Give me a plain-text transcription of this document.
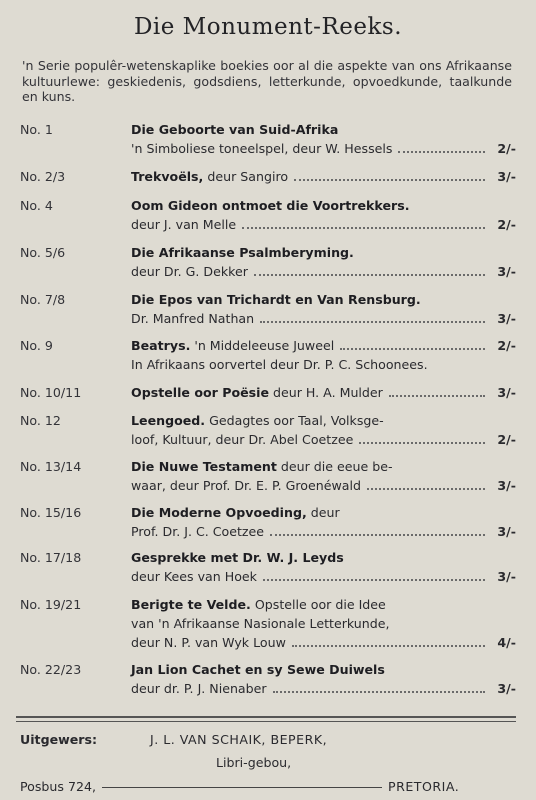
Die Monument-Reeks.
'n Serie populêr-wetenskaplike boekies oor al die aspekte van ons Afrikaanse kultuurlewe: geskiedenis, godsdiens, letterkunde, opvoedkunde, taalkunde en kuns.
No. 1	Die Geboorte van Suid-Afrika
'n Simboliese toneelspel, deur W. Hessels	2/-
No. 2/3	Trekvoëls, deur Sangiro	3/-
No. 4	Oom Gideon ontmoet die Voortrekkers.
deur J. van Melle	2/-
No. 5/6	Die Afrikaanse Psalmberyming.
deur Dr. G. Dekker	3/-
No. 7/8	Die Epos van Trichardt en Van Rensburg.
Dr. Manfred Nathan	3/-
No. 9	Beatrys. 'n Middeleeuse Juweel	2/-
In Afrikaans oorvertel deur Dr. P. C. Schoonees.
No. 10/11	Opstelle oor Poësie deur H. A. Mulder	3/-
No. 12	Leengoed. Gedagtes oor Taal, Volksge-
loof, Kultuur, deur Dr. Abel Coetzee	2/-
No. 13/14	Die Nuwe Testament deur die eeue be-
waar, deur Prof. Dr. E. P. Groenéwald	3/-
No. 15/16	Die Moderne Opvoeding, deur
Prof. Dr. J. C. Coetzee	3/-
No. 17/18	Gesprekke met Dr. W. J. Leyds
deur Kees van Hoek	3/-
No. 19/21	Berigte te Velde. Opstelle oor die Idee
van 'n Afrikaanse Nasionale Letterkunde,
deur N. P. van Wyk Louw	4/-
No. 22/23	Jan Lion Cachet en sy Sewe Duiwels
deur dr. P. J. Nienaber	3/-
Uitgewers:	J. L. VAN SCHAIK, BEPERK,
Libri-gebou,
Posbus 724,	PRETORIA.
